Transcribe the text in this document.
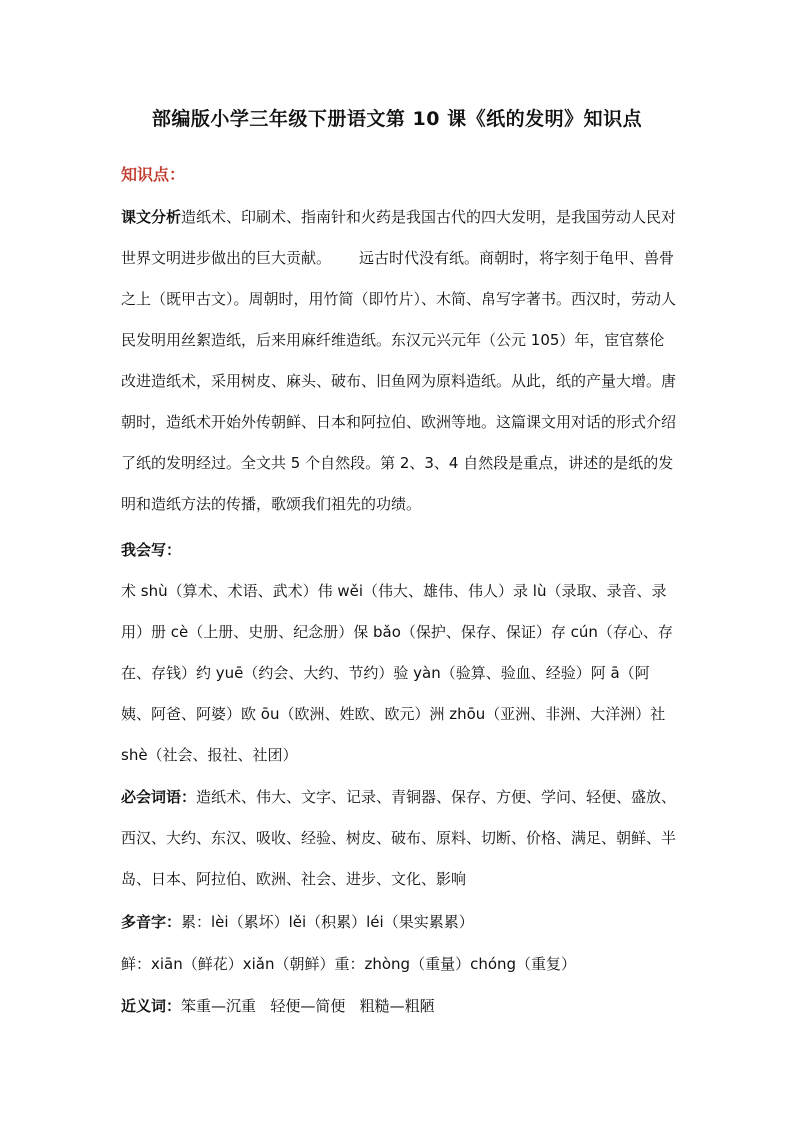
部编版小学三年级下册语文第 10 课《纸的发明》知识点
知识点：
课文分析造纸术、印刷术、指南针和火药是我国古代的四大发明，是我国劳动人民对世界文明进步做出的巨大贡献。 远古时代没有纸。商朝时，将字刻于龟甲、兽骨之上（既甲古文）。周朝时，用竹简（即竹片）、木简、帛写字著书。西汉时，劳动人民发明用丝絮造纸，后来用麻纤维造纸。东汉元兴元年（公元 105）年，宦官蔡伦改进造纸术，采用树皮、麻头、破布、旧鱼网为原料造纸。从此，纸的产量大增。唐朝时，造纸术开始外传朝鲜、日本和阿拉伯、欧洲等地。这篇课文用对话的形式介绍了纸的发明经过。全文共 5 个自然段。第 2、3、4 自然段是重点，讲述的是纸的发明和造纸方法的传播，歌颂我们祖先的功绩。
我会写：
术 shù（算术、术语、武术）伟 wěi（伟大、雄伟、伟人）录 lù（录取、录音、录用）册 cè（上册、史册、纪念册）保 bǎo（保护、保存、保证）存 cún（存心、存在、存钱）约 yuē（约会、大约、节约）验 yàn（验算、验血、经验）阿 ā（阿姨、阿爸、阿婆）欧 ōu（欧洲、姓欧、欧元）洲 zhōu（亚洲、非洲、大洋洲）社 shè（社会、报社、社团）
必会词语：造纸术、伟大、文字、记录、青铜器、保存、方便、学问、轻便、盛放、西汉、大约、东汉、吸收、经验、树皮、破布、原料、切断、价格、满足、朝鲜、半岛、日本、阿拉伯、欧洲、社会、进步、文化、影响
多音字：累：lèi（累坏）lěi（积累）léi（果实累累）
鲜：xiān（鲜花）xiǎn（朝鲜）重：zhòng（重量）chóng（重复）
近义词：笨重—沉重 轻便—简便 粗糙—粗陋
